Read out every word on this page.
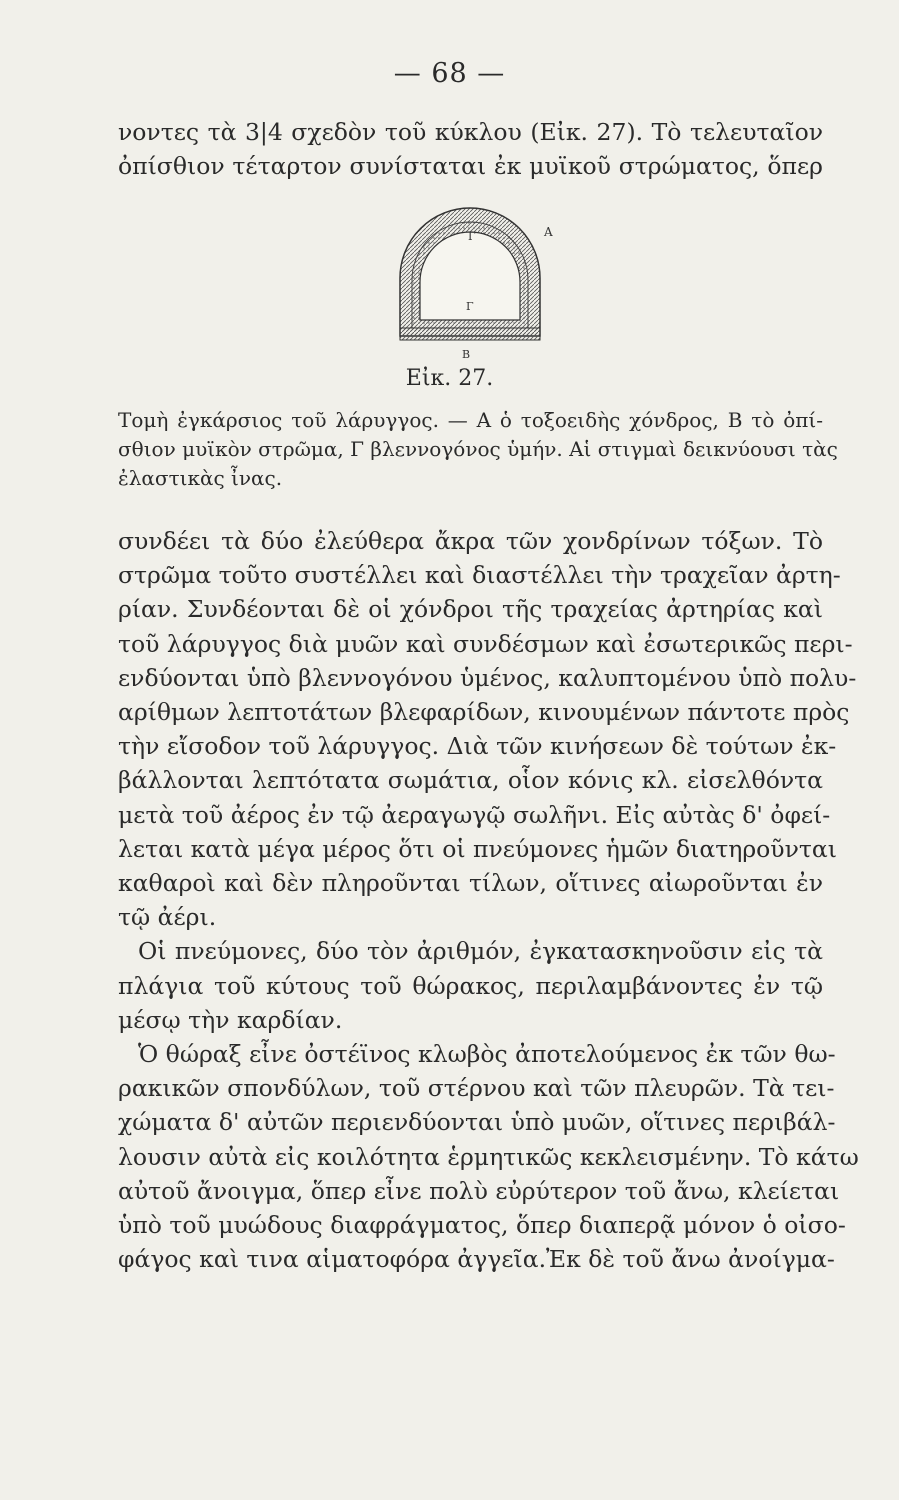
— 68 —
νοντες τὰ 3|4 σχεδὸν τοῦ κύκλου (Εἰκ. 27). Τὸ τελευταῖον
ὀπίσθιον τέταρτον συνίσταται ἐκ μυϊκοῦ στρώματος, ὅπερ
A
Γ
Γ
B
Εἰκ. 27.
Τομὴ ἐγκάρσιος τοῦ λάρυγγος. — Α ὁ τοξοειδὴς χόνδρος, Β τὸ ὀπί-
σθιον μυϊκὸν στρῶμα, Γ βλεννογόνος ὑμήν. Αἱ στιγμαὶ δεικνύουσι τὰς
ἐλαστικὰς ἶνας.
συνδέει τὰ δύο ἐλεύθερα ἄκρα τῶν χονδρίνων τόξων. Τὸ
στρῶμα τοῦτο συστέλλει καὶ διαστέλλει τὴν τραχεῖαν ἀρτη-
ρίαν. Συνδέονται δὲ οἱ χόνδροι τῆς τραχείας ἀρτηρίας καὶ
τοῦ λάρυγγος διὰ μυῶν καὶ συνδέσμων καὶ ἐσωτερικῶς περι-
ενδύονται ὑπὸ βλεννογόνου ὑμένος, καλυπτομένου ὑπὸ πολυ-
αρίθμων λεπτοτάτων βλεφαρίδων, κινουμένων πάντοτε πρὸς
τὴν εἴσοδον τοῦ λάρυγγος. Διὰ τῶν κινήσεων δὲ τούτων ἐκ-
βάλλονται λεπτότατα σωμάτια, οἷον κόνις κλ. εἰσελθόντα
μετὰ τοῦ ἀέρος ἐν τῷ ἀεραγωγῷ σωλῆνι. Εἰς αὐτὰς δ' ὀφεί-
λεται κατὰ μέγα μέρος ὅτι οἱ πνεύμονες ἡμῶν διατηροῦνται
καθαροὶ καὶ δὲν πληροῦνται τίλων, οἵτινες αἰωροῦνται ἐν
τῷ ἀέρι.
Οἱ πνεύμονες, δύο τὸν ἀριθμόν, ἐγκατασκηνοῦσιν εἰς τὰ
πλάγια τοῦ κύτους τοῦ θώρακος, περιλαμβάνοντες ἐν τῷ
μέσῳ τὴν καρδίαν.
Ὁ θώραξ εἶνε ὀστέϊνος κλωβὸς ἀποτελούμενος ἐκ τῶν θω-
ρακικῶν σπονδύλων, τοῦ στέρνου καὶ τῶν πλευρῶν. Τὰ τει-
χώματα δ' αὐτῶν περιενδύονται ὑπὸ μυῶν, οἵτινες περιβάλ-
λουσιν αὐτὰ εἰς κοιλότητα ἑρμητικῶς κεκλεισμένην. Τὸ κάτω
αὐτοῦ ἄνοιγμα, ὅπερ εἶνε πολὺ εὐρύτερον τοῦ ἄνω, κλείεται
ὑπὸ τοῦ μυώδους διαφράγματος, ὅπερ διαπερᾷ μόνον ὁ οἰσο-
φάγος καὶ τινα αἱματοφόρα ἀγγεῖα.Ἐκ δὲ τοῦ ἄνω ἀνοίγμα-
